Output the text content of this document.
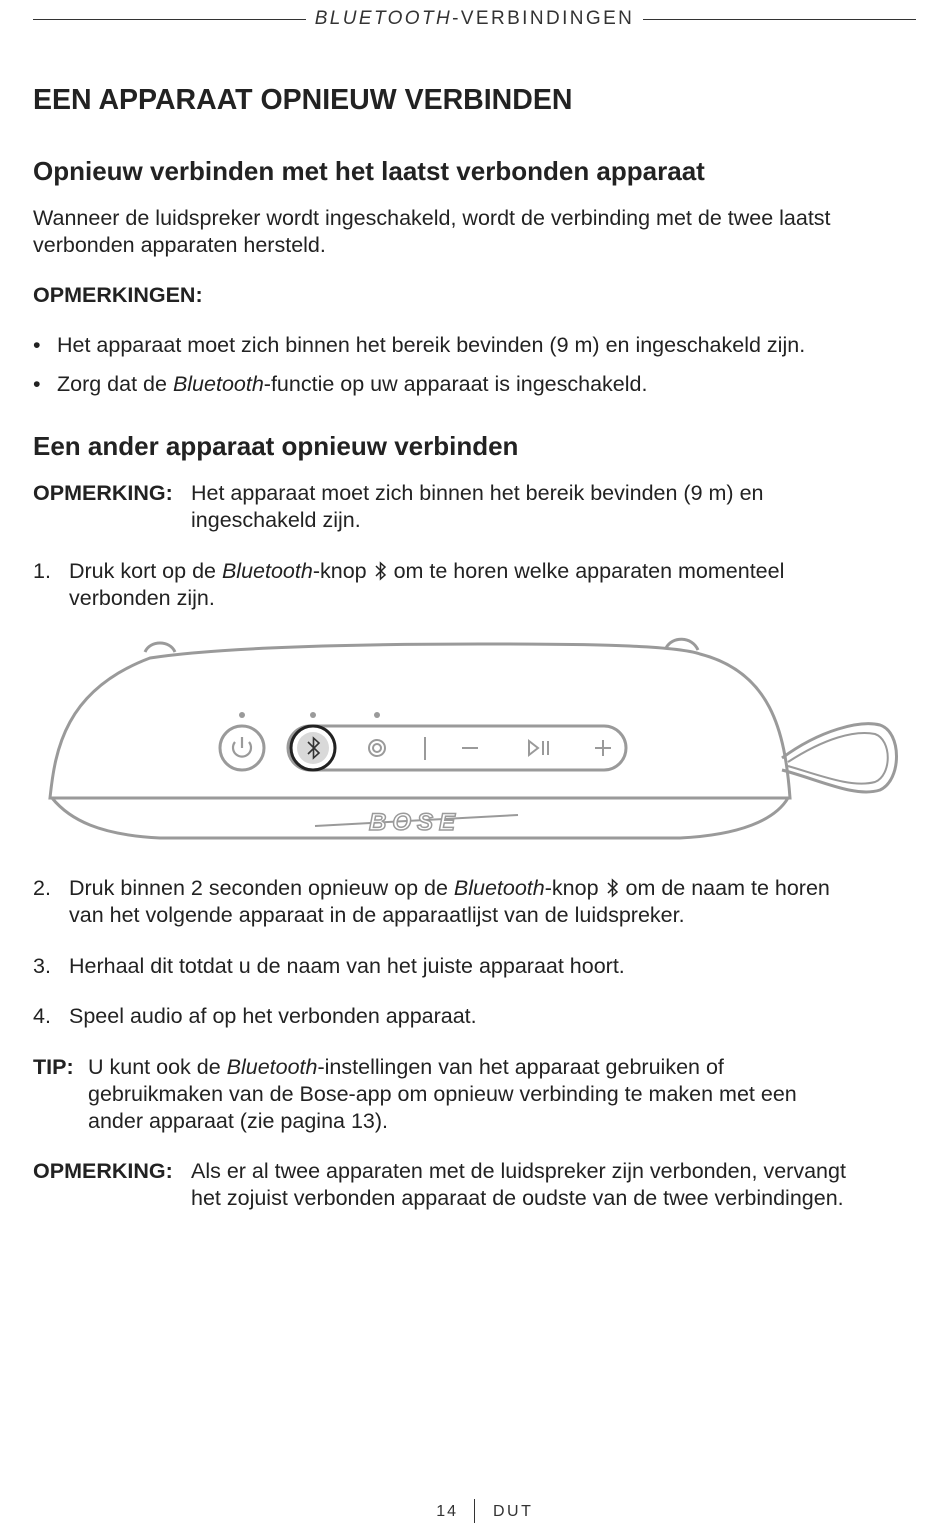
BLUETOOTH-VERBINDINGEN
EEN APPARAAT OPNIEUW VERBINDEN
Opnieuw verbinden met het laatst verbonden apparaat
Wanneer de luidspreker wordt ingeschakeld, wordt de verbinding met de twee laatst
verbonden apparaten hersteld.
OPMERKINGEN:
• Het apparaat moet zich binnen het bereik bevinden (9 m) en ingeschakeld zijn.
• Zorg dat de Bluetooth-functie op uw apparaat is ingeschakeld.
Een ander apparaat opnieuw verbinden
OPMERKING: Het apparaat moet zich binnen het bereik bevinden (9 m) en
ingeschakeld zijn.
1. Druk kort op de Bluetooth-knop  om te horen welke apparaten momenteel
verbonden zijn.
BOSE
2. Druk binnen 2 seconden opnieuw op de Bluetooth-knop  om de naam te horen
van het volgende apparaat in de apparaatlijst van de luidspreker.
3. Herhaal dit totdat u de naam van het juiste apparaat hoort.
4. Speel audio af op het verbonden apparaat.
TIP: U kunt ook de Bluetooth-instellingen van het apparaat gebruiken of
gebruikmaken van de Bose-app om opnieuw verbinding te maken met een
ander apparaat (zie pagina 13).
OPMERKING: Als er al twee apparaten met de luidspreker zijn verbonden, vervangt
het zojuist verbonden apparaat de oudste van de twee verbindingen.
14 DUT
